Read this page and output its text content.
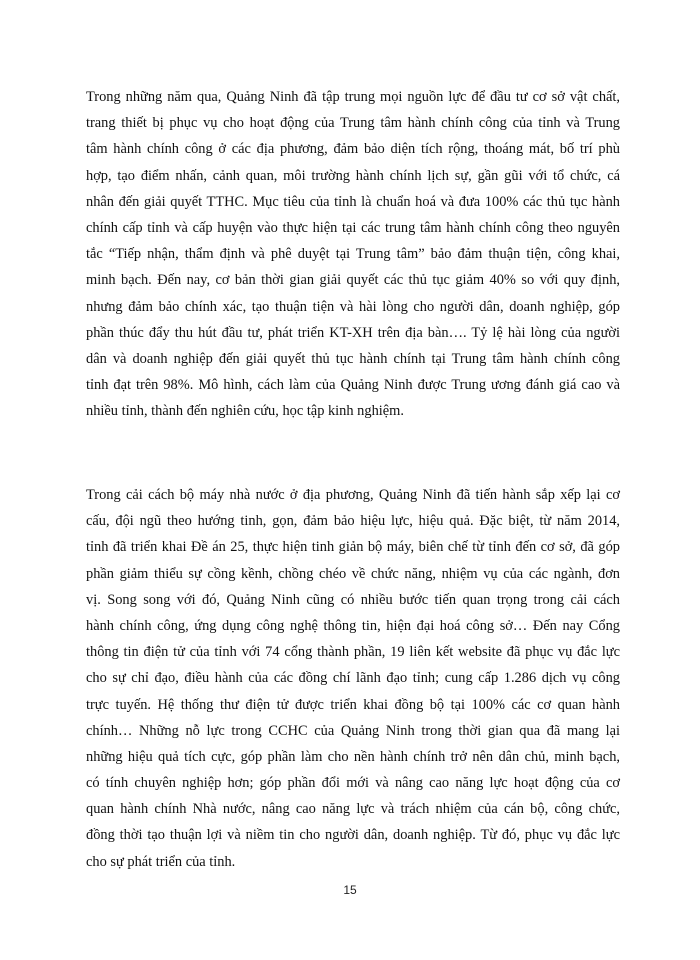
Trong những năm qua, Quảng Ninh đã tập trung mọi nguồn lực để đầu tư cơ sở vật chất,
trang thiết bị phục vụ cho hoạt động của Trung tâm hành chính công của tỉnh và Trung
tâm hành chính công ở các địa phương, đảm bảo diện tích rộng, thoáng mát, bố trí phù
hợp, tạo điểm nhấn, cảnh quan, môi trường hành chính lịch sự, gần gũi với tổ chức, cá
nhân đến giải quyết TTHC. Mục tiêu của tỉnh là chuẩn hoá và đưa 100% các thủ tục hành
chính cấp tỉnh và cấp huyện vào thực hiện tại các trung tâm hành chính công theo nguyên
tắc “Tiếp nhận, thẩm định và phê duyệt tại Trung tâm” bảo đảm thuận tiện, công khai,
minh bạch. Đến nay, cơ bản thời gian giải quyết các thủ tục giảm 40% so với quy định,
nhưng đảm bảo chính xác, tạo thuận tiện và hài lòng cho người dân, doanh nghiệp, góp
phần thúc đẩy thu hút đầu tư, phát triển KT-XH trên địa bàn…. Tỷ lệ hài lòng của người
dân và doanh nghiệp đến giải quyết thủ tục hành chính tại Trung tâm hành chính công
tỉnh đạt trên 98%. Mô hình, cách làm của Quảng Ninh được Trung ương đánh giá cao và
nhiều tỉnh, thành đến nghiên cứu, học tập kinh nghiệm.
Trong cải cách bộ máy nhà nước ở địa phương, Quảng Ninh đã tiến hành sắp xếp lại cơ
cấu, đội ngũ theo hướng tinh, gọn, đảm bảo hiệu lực, hiệu quả. Đặc biệt, từ năm 2014,
tỉnh đã triển khai Đề án 25, thực hiện tinh giản bộ máy, biên chế từ tỉnh đến cơ sở, đã góp
phần giảm thiểu sự cồng kềnh, chồng chéo về chức năng, nhiệm vụ của các ngành, đơn
vị. Song song với đó, Quảng Ninh cũng có nhiều bước tiến quan trọng trong cải cách
hành chính công, ứng dụng công nghệ thông tin, hiện đại hoá công sở… Đến nay Cổng
thông tin điện tử của tỉnh với 74 cổng thành phần, 19 liên kết website đã phục vụ đắc lực
cho sự chỉ đạo, điều hành của các đồng chí lãnh đạo tỉnh; cung cấp 1.286 dịch vụ công
trực tuyến. Hệ thống thư điện tử được triển khai đồng bộ tại 100% các cơ quan hành
chính… Những nỗ lực trong CCHC của Quảng Ninh trong thời gian qua đã mang lại
những hiệu quả tích cực, góp phần làm cho nền hành chính trở nên dân chủ, minh bạch,
có tính chuyên nghiệp hơn; góp phần đổi mới và nâng cao năng lực hoạt động của cơ
quan hành chính Nhà nước, nâng cao năng lực và trách nhiệm của cán bộ, công chức,
đồng thời tạo thuận lợi và niềm tin cho người dân, doanh nghiệp. Từ đó, phục vụ đắc lực
cho sự phát triển của tỉnh.
15
